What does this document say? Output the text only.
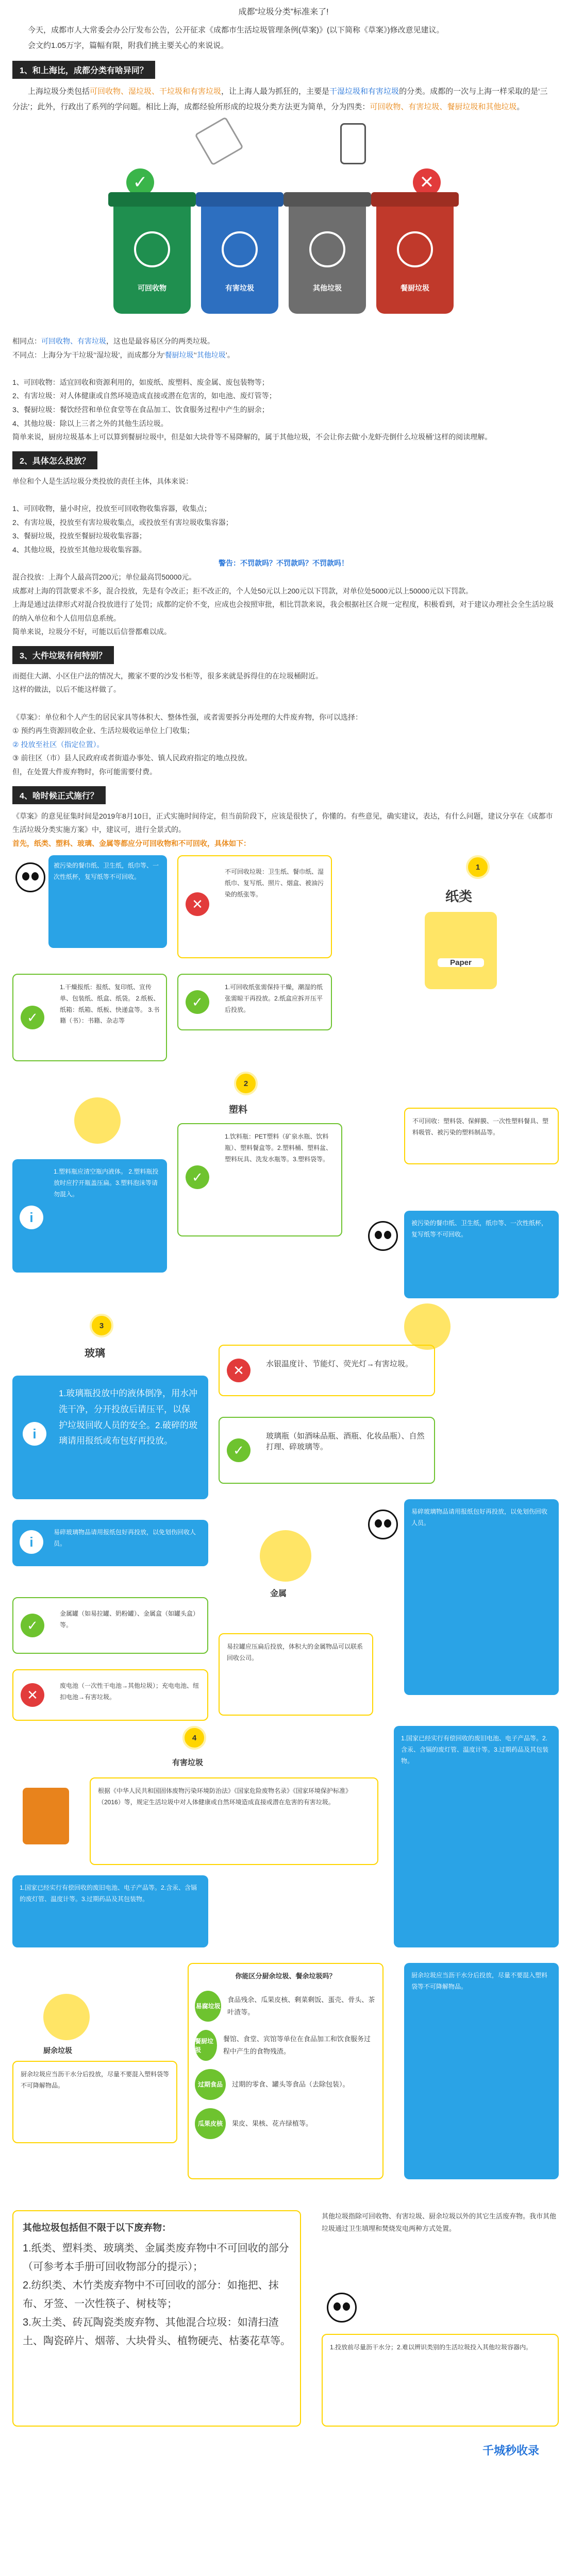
成都“垃圾分类”标准来了!

今天，成都市人大常委会办公厅发布公告，公开征求《成都市生活垃圾管理条例(草案)》(以下简称《草案》)修改意见建议。

会文约1.05万字，篇幅有限，附我们挑主要关心的来说说。

1、和上海比，成都分类有啥异同？

上海垃圾分类包括可回收物、湿垃圾、干垃圾和有害垃圾，让上海人最为抓狂的，主要是干湿垃圾和有害垃圾的分类。成都的一次与上海一样采取的是‘三分法’；此外，行政出了系列的学问题。相比上海，成都经验所形成的垃圾分类方法更为简单，分为四类：可回收物、有害垃圾、餐厨垃圾和其他垃圾。

✓	✕
可回收物	有害垃圾	其他垃圾	餐厨垃圾

相同点：可回收物、有害垃圾，这也是最容易区分的两类垃圾。

不同点：上海分为‘干垃圾’‘湿垃圾’，而成都分为‘餐厨垃圾’‘其他垃圾’。

1、可回收物：适宜回收和资源利用的，如废纸、废塑料、废金属、废包装物等；

2、有害垃圾：对人体健康或自然环境造成直接或潜在危害的，如电池、废灯管等；

3、餐厨垃圾：餐饮经营和单位食堂等在食品加工、饮食服务过程中产生的厨余；

4、其他垃圾：除以上三者之外的其他生活垃圾。

简单来说，厨房垃圾基本上可以算到餐厨垃圾中，但是如大块骨等不易降解的，属于其他垃圾，不会让你去做‘小龙虾壳倒什么垃圾桶’这样的阅读理解。

2、具体怎么投放？

单位和个人是生活垃圾分类投放的责任主体，具体来说：

1、可回收物，量小时应，投放至可回收物收集容器，收集点；

2、有害垃圾，投放至有害垃圾收集点，或投放至有害垃圾收集容器；

3、餐厨垃圾，投放至餐厨垃圾收集容器；

4、其他垃圾，投放至其他垃圾收集容器。

警告：不罚款吗？不罚款吗？不罚款吗！

混合投放：上海个人最高罚200元；单位最高罚50000元。

成都对上海的罚款要求不多，混合投放，先是有令改正；拒不改正的，个人处50元以上200元以下罚款，对单位处5000元以上50000元以下罚款。

上海是通过法律形式对混合投放进行了处罚；成都的定价不变，应成也会按照审批，相比罚款来说，我会根据社区合规一定程度，积极看到，对于建议办理社会全生活垃圾的纳入单位和个人信用信息系统。

简单来说，垃圾分不好，可能以后信誉都难以成。

3、大件垃圾有何特别？

而挺住大湖、小区住户法的情况大，搬家不要的沙发书柜等，很多来就是拆得住的在垃圾桶附近。

这样的做法，以后不能这样做了。

《草案》：单位和个人产生的居民家具等体积大、整体性强，或者需要拆分再处理的大件废弃物，你可以选择：

① 预约再生资源回收企业、生活垃圾收运单位上门收集；

② 投放至社区（指定位置）。

③ 前往区（市）县人民政府或者街道办事处、镇人民政府指定的地点投放。

但，在处置大件废弃物时，你可能需要付费。

4、啥时候正式施行？

《草案》的意见征集时间是2019年8月10日，正式实施时间待定，但当前阶段下，应该是很快了，你懂的。有些意见，确实建议，表达，有什么问题，建议分享在《成都市生活垃圾分类实施方案》中，建议可，进行全景式的。

首先，纸类、塑料、玻璃、金属等都应分可回收物和不可回收，具体如下：

1
纸类
Paper
被污染的餐巾纸、卫生纸，纸巾等、一次性纸杯，复写纸等不可回收。
✕
不可回收垃圾：卫生纸、餐巾纸、湿纸巾、复写纸、照片、烟盒、被油污染的纸张等。
✓
1.干燥报纸：报纸、复印纸、宣传单、包装纸、纸盒、纸袋。 2.纸板、纸箱：纸箱、纸板、快递盒等。 3.书籍（书）：书籍、杂志等
✓
1.可回收纸张需保持干燥，潮湿的纸张需晾干再投放。2.纸盒应拆开压平后投放。
2
塑料
✓
1.饮料瓶：PET塑料（矿泉水瓶、饮料瓶）、塑料餐盒等。2.塑料桶、塑料盆、塑料玩具、洗发水瓶等。3.塑料袋等。
i
1.塑料瓶应清空瓶内液体。 2.塑料瓶投放时应拧开瓶盖压扁。3.塑料泡沫等请勿混入。
不可回收：塑料袋、保鲜膜、一次性塑料餐具、塑料吸管、被污染的塑料制品等。
被污染的餐巾纸、卫生纸，纸巾等、一次性纸杯，复写纸等不可回收。
3
玻璃
i
1.玻璃瓶投放中的液体倒净，用水冲洗干净，分开投放后请压平，以保护垃圾回收人员的安全。2.破碎的玻璃请用报纸或布包好再投放。
✕	水银温度计、节能灯、荧光灯→有害垃圾。
✓
玻璃瓶（如酒味品瓶、酒瓶、化妆品瓶）、自然打理、碎玻璃等。
易碎玻璃物品请用报纸包好再投放，以免划伤回收人员。
i
易碎玻璃物品请用报纸包好再投放，以免划伤回收人员。
金属
✓
金属罐（如易拉罐、奶粉罐）、金属盒（如罐头盒）等。
✕
废电池（一次性干电池→其他垃圾）；充电电池、纽扣电池→有害垃圾。
易拉罐应压扁后投放，体积大的金属物品可以联系回收公司。
4
有害垃圾
根据《中华人民共和国固体废物污染环境防治法》《国家危险废物名录》《国家环境保护标准》（2016）等，规定生活垃圾中对人体健康或自然环境造成直接或潜在危害的有害垃圾。
1.国家已经实行有偿回收的废旧电池、电子产品等。2.含汞、含镉的废灯管、温度计等。3.过期药品及其包装物。
1.国家已经实行有偿回收的废旧电池、电子产品等。2.含汞、含镉的废灯管、温度计等。3.过期药品及其包装物。
厨余垃圾
厨余垃圾应当沥干水分后投放，尽量不要混入塑料袋等不可降解物品。
你能区分厨余垃圾、餐余垃圾吗？
易腐垃圾
食品残余、瓜果皮核、剩菜剩饭、蛋壳、骨头、茶叶渣等。
餐厨垃圾
餐馆、食堂、宾馆等单位在食品加工和饮食服务过程中产生的食物残渣。
过期食品	过期的零食、罐头等食品（去除包装）。
瓜果皮核	果皮、果核、花卉绿植等。
厨余垃圾应当沥干水分后投放，尽量不要混入塑料袋等不可降解物品。
其他垃圾包括但不限于以下废弃物：

1.纸类、塑料类、玻璃类、金属类废弃物中不可回收的部分（可参考本手册可回收物部分的提示）；

2.纺织类、木竹类废弃物中不可回收的部分：如拖把、抹布、牙签、一次性筷子、树枝等；

3.灰土类、砖瓦陶瓷类废弃物、其他混合垃圾：如清扫渣土、陶瓷碎片、烟蒂、大块骨头、植物硬壳、枯萎花草等。

其他垃圾指除可回收物、有害垃圾、厨余垃圾以外的其它生活废弃物。我市其他垃圾通过卫生填埋和焚烧发电两种方式处置。
1.投放前尽量沥干水分；2.难以辨识类别的生活垃圾投入其他垃圾容器内。
千城秒收录
